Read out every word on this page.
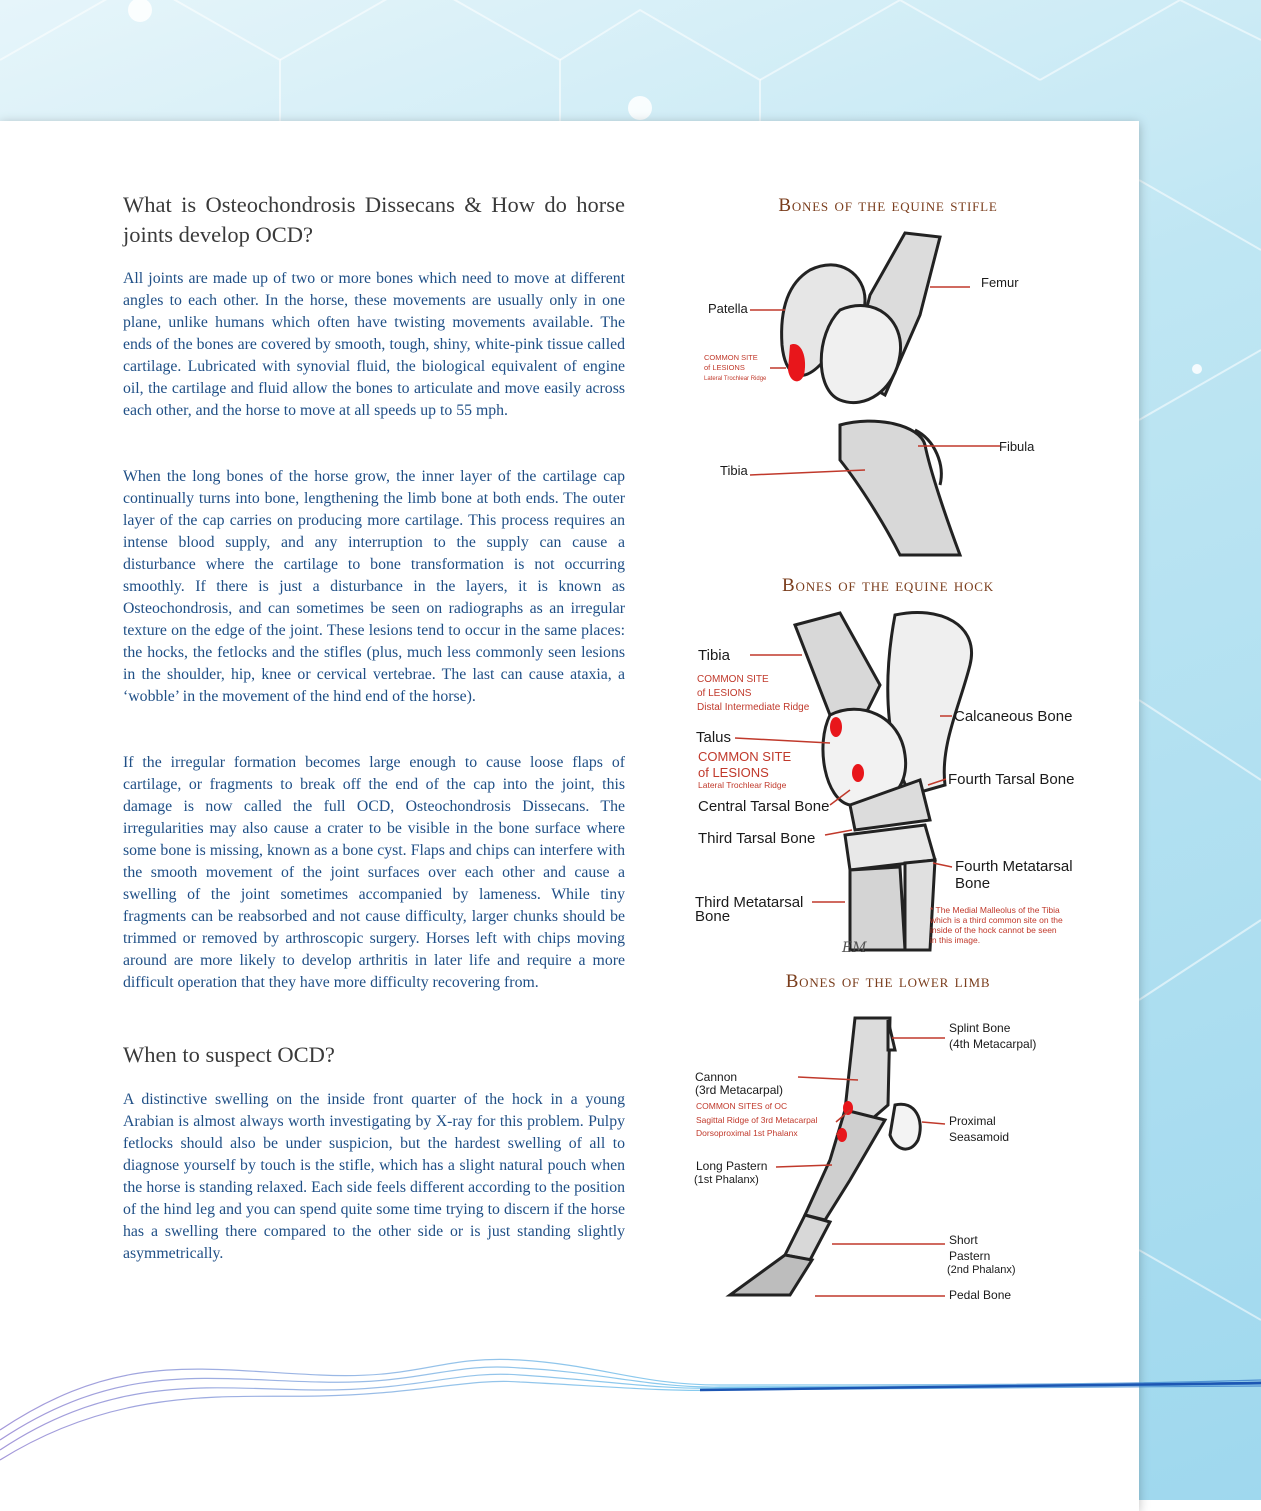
What is Osteochondrosis Dissecans & How do horse joints develop OCD?

All joints are made up of two or more bones which need to move at different angles to each other. In the horse, these movements are usually only in one plane, unlike humans which often have twisting movements available. The ends of the bones are covered by smooth, tough, shiny, white-pink tissue called cartilage. Lubricated with synovial fluid, the biological equivalent of engine oil, the cartilage and fluid allow the bones to articulate and move easily across each other, and the horse to move at all speeds up to 55 mph.

When the long bones of the horse grow, the inner layer of the cartilage cap continually turns into bone, lengthening the limb bone at both ends. The outer layer of the cap carries on producing more cartilage. This process requires an intense blood supply, and any interruption to the supply can cause a disturbance where the cartilage to bone transformation is not occurring smoothly. If there is just a disturbance in the layers, it is known as Osteochondrosis, and can sometimes be seen on radiographs as an irregular texture on the edge of the joint. These lesions tend to occur in the same places: the hocks, the fetlocks and the stifles (plus, much less commonly seen lesions in the shoulder, hip, knee or cervical vertebrae. The last can cause ataxia, a ‘wobble’ in the movement of the hind end of the horse).

If the irregular formation becomes large enough to cause loose flaps of cartilage, or fragments to break off the end of the cap into the joint, this damage is now called the full OCD, Osteochondrosis Dissecans. The irregularities may also cause a crater to be visible in the bone surface where some bone is missing, known as a bone cyst. Flaps and chips can interfere with the smooth movement of the joint surfaces over each other and cause a swelling of the joint sometimes accompanied by lameness. While tiny fragments can be reabsorbed and not cause difficulty, larger chunks should be trimmed or removed by arthroscopic surgery. Horses left with chips moving around are more likely to develop arthritis in later life and require a more difficult operation that they have more difficulty recovering from.

When to suspect OCD?

A distinctive swelling on the inside front quarter of the hock in a young Arabian is almost always worth investigating by X-ray for this problem. Pulpy fetlocks should also be under suspicion, but the hardest swelling of all to diagnose yourself by touch is the stifle, which has a slight natural pouch when the horse is standing relaxed. Each side feels different according to the position of the hind leg and you can spend quite some time trying to discern if the horse has a swelling there compared to the other side or is just standing slightly asymmetrically.

Bones of the equine stifle
Femur
Patella
COMMON SITE
of LESIONS
Lateral Trochlear Ridge
Fibula
Tibia
Bones of the equine hock
Tibia
COMMON SITE
of LESIONS
Distal Intermediate Ridge
Calcaneous Bone
Talus
COMMON SITE
of LESIONS
Lateral Trochlear Ridge	Fourth Tarsal Bone
Central Tarsal Bone
Third Tarsal Bone
Fourth Metatarsal
Bone
Third Metatarsal
Bone	* The Medial Malleolus of the Tibia
which is a third common site on the
inside of the hock cannot be seen
in this image.
EM
Bones of the lower limb
Splint Bone
(4th Metacarpal)
Cannon
(3rd Metacarpal)
COMMON SITES of OC
Sagittal Ridge of 3rd Metacarpal
Dorsoproximal 1st Phalanx
Proximal
Seasamoid
Long Pastern
(1st Phalanx)
Short
Pastern
(2nd Phalanx)
Pedal Bone
